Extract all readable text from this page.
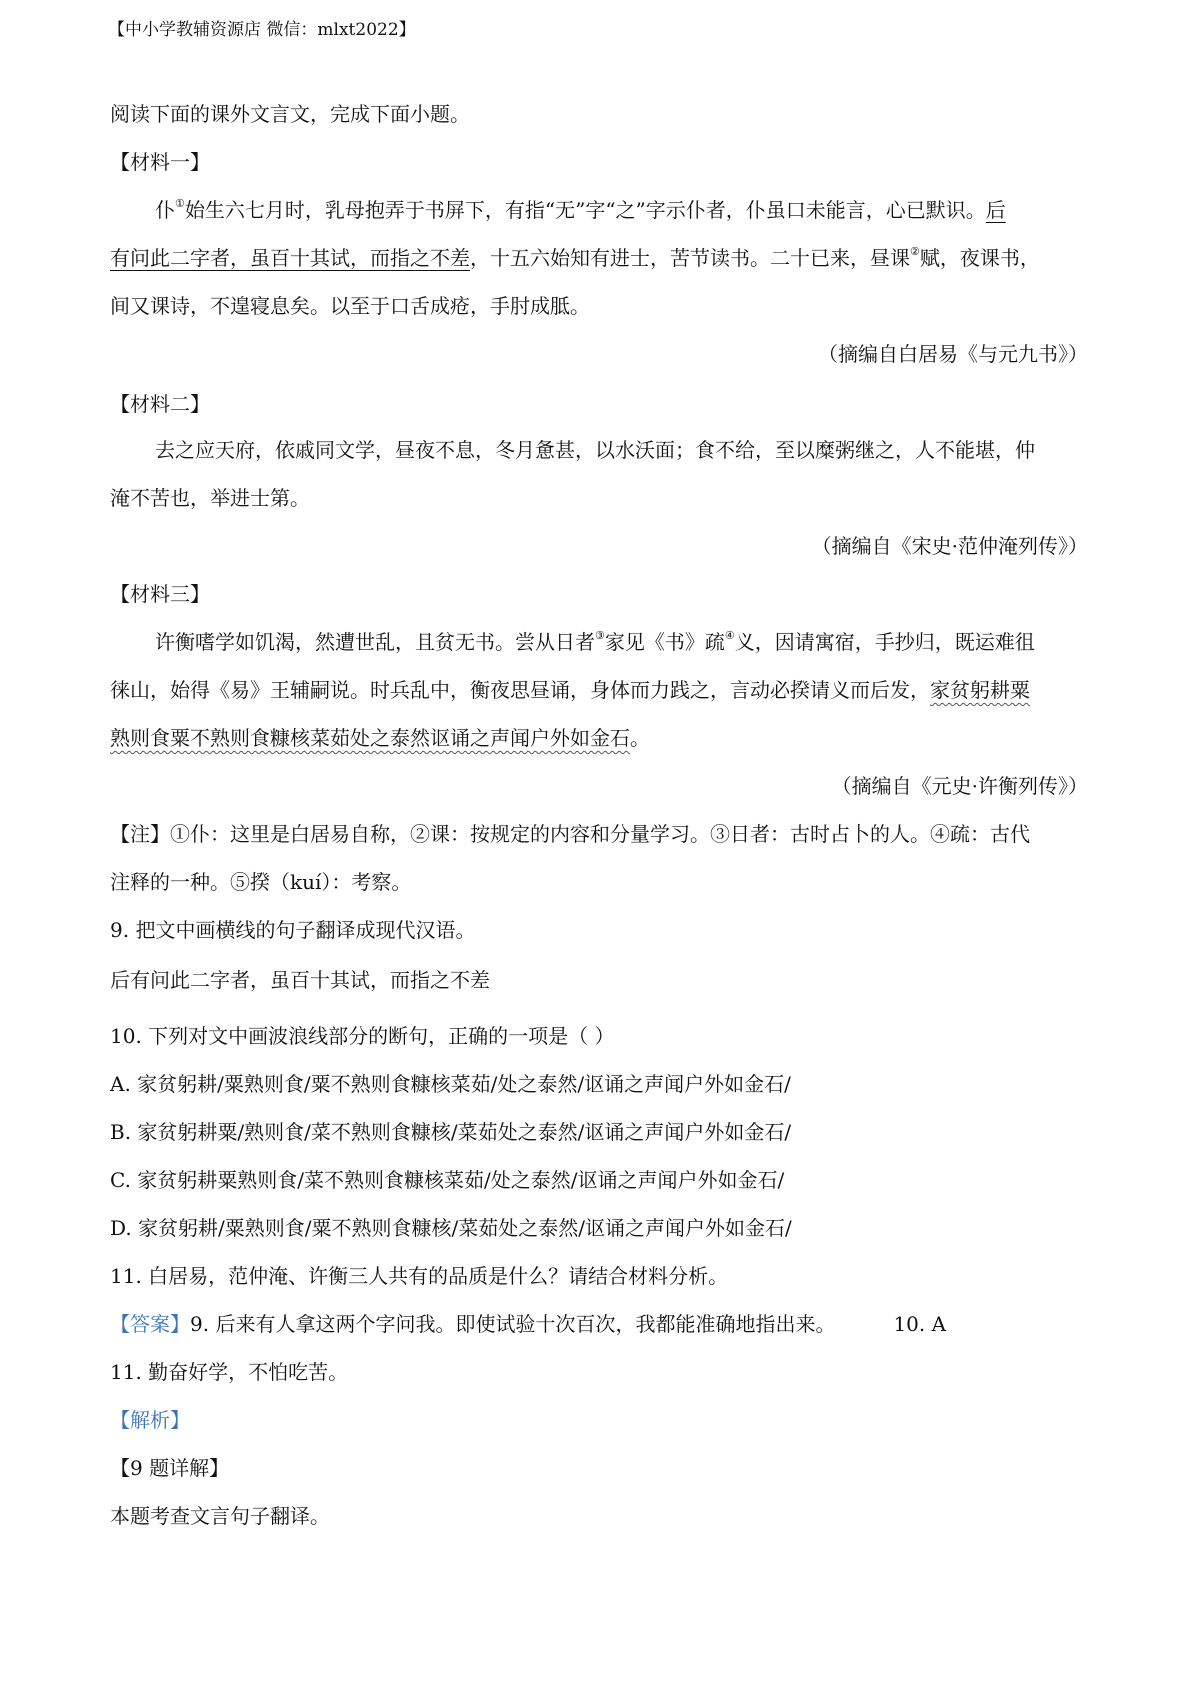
【中小学教辅资源店 微信：mlxt2022】
阅读下面的课外文言文，完成下面小题。
【材料一】
仆①始生六七月时，乳母抱弄于书屏下，有指“无”字“之”字示仆者，仆虽口未能言，心已默识。后
有问此二字者，虽百十其试，而指之不差，十五六始知有进士，苦节读书。二十已来，昼课②赋，夜课书，
间又课诗，不遑寝息矣。以至于口舌成疮，手肘成胝。
（摘编自白居易《与元九书》）
【材料二】
去之应天府，依戚同文学，昼夜不息，冬月惫甚，以水沃面；食不给，至以糜粥继之，人不能堪，仲
淹不苦也，举进士第。
（摘编自《宋史·范仲淹列传》）
【材料三】
许衡嗜学如饥渴，然遭世乱，且贫无书。尝从日者③家见《书》疏④义，因请寓宿，手抄归，既运难徂
徕山，始得《易》王辅嗣说。时兵乱中，衡夜思昼诵，身体而力践之，言动必揆请义而后发，家贫躬耕粟
熟则食粟不熟则食糠核菜茹处之泰然讴诵之声闻户外如金石。
（摘编自《元史·许衡列传》）
【注】①仆：这里是白居易自称，②课：按规定的内容和分量学习。③日者：古时占卜的人。④疏：古代
注释的一种。⑤揆（kuí）：考察。
9. 把文中画横线的句子翻译成现代汉语。
后有问此二字者，虽百十其试，而指之不差
10. 下列对文中画波浪线部分的断句，正确的一项是（ ）
A. 家贫躬耕/粟熟则食/粟不熟则食糠核菜茹/处之泰然/讴诵之声闻户外如金石/
B. 家贫躬耕粟/熟则食/菜不熟则食糠核/菜茹处之泰然/讴诵之声闻户外如金石/
C. 家贫躬耕粟熟则食/菜不熟则食糠核菜茹/处之泰然/讴诵之声闻户外如金石/
D. 家贫躬耕/粟熟则食/粟不熟则食糠核/菜茹处之泰然/讴诵之声闻户外如金石/
11. 白居易，范仲淹、许衡三人共有的品质是什么？请结合材料分析。
【答案】9. 后来有人拿这两个字问我。即使试验十次百次，我都能准确地指出来。	10. A
11. 勤奋好学，不怕吃苦。
【解析】
【9 题详解】
本题考查文言句子翻译。
